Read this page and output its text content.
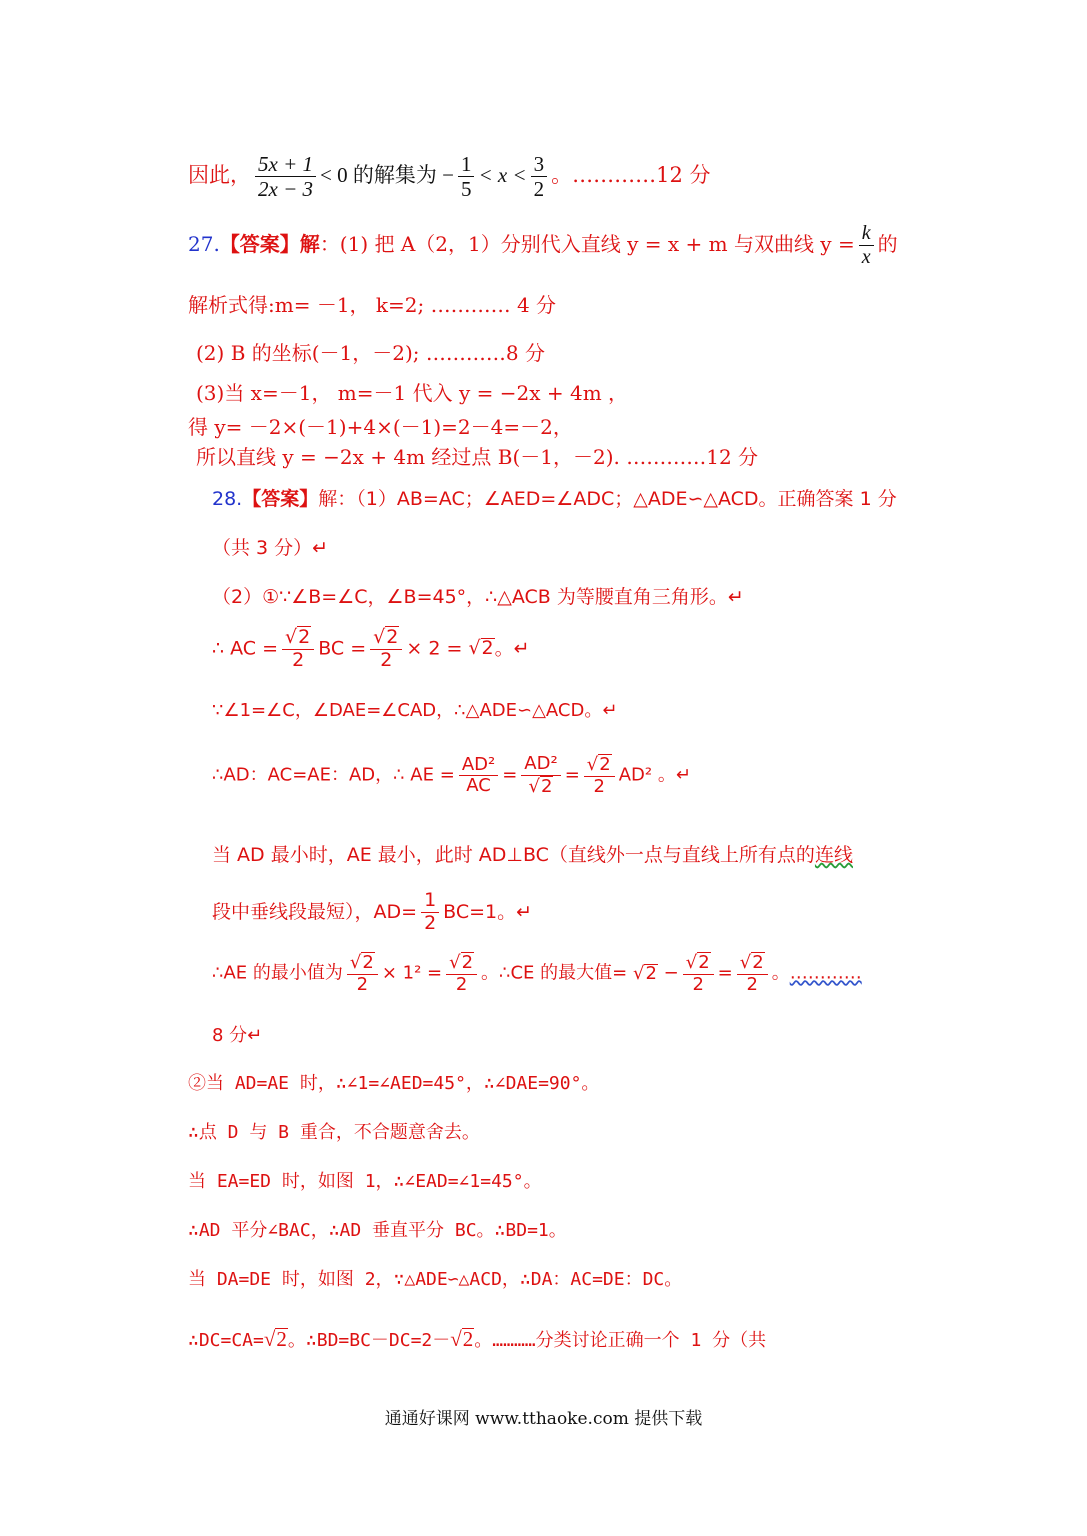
因此， $\frac{5x + 1}{2x - 3} < 0$ 的解集为 − $\frac{1}{5} < x < \frac{3}{2}$ 。…………12 分
27.【答案】解：(1) 把 A（2，1）分别代入直线 y = x + m 与双曲线 $y = \frac{k}{x}$ 的
解析式得:m= －1， k=2; ………… 4 分
(2) B 的坐标(－1，－2); …………8 分
(3)当 x=－1， m=－1 代入 y = −2x + 4m ，
得 y= －2×(－1)+4×(－1)=2－4=－2，
所以直线 y = −2x + 4m 经过点 B(－1，－2). …………12 分
28.【答案】解：（1）AB=AC；∠AED=∠ADC；△ADE∽△ACD。正确答案 1 分
（共 3 分）↵
（2）①∵∠B=∠C，∠B=45°，∴△ACB 为等腰直角三角形。↵
∴ AC = $\frac{√2}{2}$ BC = $\frac{√2}{2} \times 2 = √2$。↵
∵∠1=∠C，∠DAE=∠CAD，∴△ADE∽△ACD。↵
∴AD：AC=AE：AD，∴ AE = $\frac{\text{AD²}}{AC} = \frac{\text{AD²}}{√2} = \frac{√2}{2} AD^2$ 。↵
当 AD 最小时，AE 最小，此时 AD⊥BC（直线外一点与直线上所有点的连线
段中垂线段最短），$AD= \frac{1}{2} BC=1$。↵
∴AE 的最小值为 $\frac{√2}{2} \times 1^2 = \frac{√2}{2}$ 。∴CE 的最大值= $√2 - \frac{√2}{2} = \frac{√2}{2}$ 。…………
8 分↵
②当 AD=AE 时，∴∠1=∠AED=45°，∴∠DAE=90°。
∴点 D 与 B 重合，不合题意舍去。
当 EA=ED 时，如图 1，∴∠EAD=∠1=45°。
∴AD 平分∠BAC，∴AD 垂直平分 BC。∴BD=1。
当 DA=DE 时，如图 2，∵△ADE∽△ACD，∴DA：AC=DE：DC。
∴DC=CA=√2。∴BD=BC－DC=2－√2。…………分类讨论正确一个 1 分（共
通通好课网 www.tthaoke.com 提供下载
